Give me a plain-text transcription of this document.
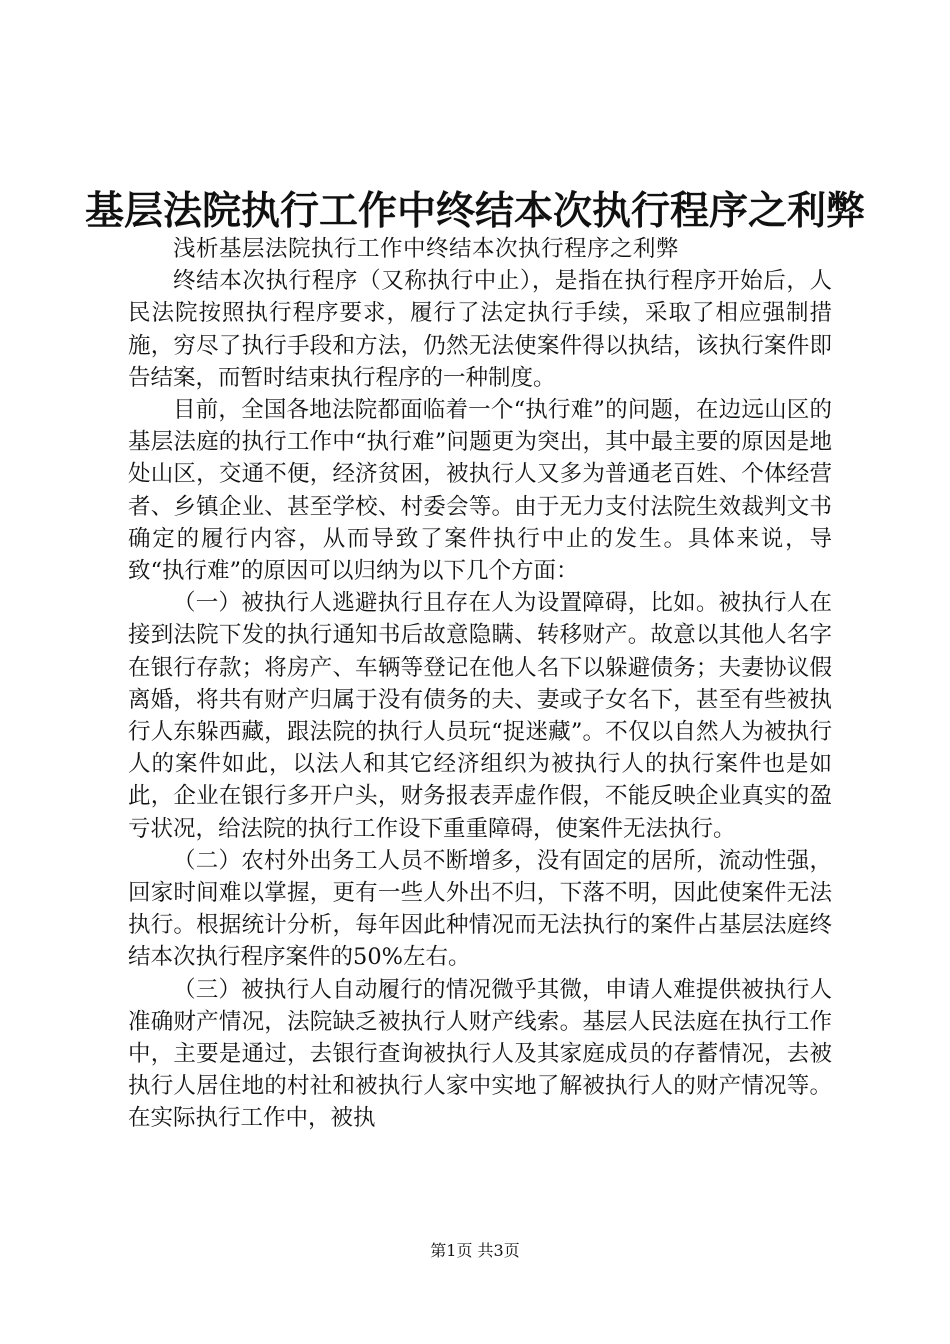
基层法院执行工作中终结本次执行程序之利弊

浅析基层法院执行工作中终结本次执行程序之利弊

终结本次执行程序（又称执行中止），是指在执行程序开始后，人民法院按照执行程序要求，履行了法定执行手续，采取了相应强制措施，穷尽了执行手段和方法，仍然无法使案件得以执结，该执行案件即告结案，而暂时结束执行程序的一种制度。

目前，全国各地法院都面临着一个“执行难”的问题，在边远山区的基层法庭的执行工作中“执行难”问题更为突出，其中最主要的原因是地处山区，交通不便，经济贫困，被执行人又多为普通老百姓、个体经营者、乡镇企业、甚至学校、村委会等。由于无力支付法院生效裁判文书确定的履行内容，从而导致了案件执行中止的发生。具体来说，导致“执行难”的原因可以归纳为以下几个方面：

（一）被执行人逃避执行且存在人为设置障碍，比如。被执行人在接到法院下发的执行通知书后故意隐瞒、转移财产。故意以其他人名字在银行存款；将房产、车辆等登记在他人名下以躲避债务；夫妻协议假离婚，将共有财产归属于没有债务的夫、妻或子女名下，甚至有些被执行人东躲西藏，跟法院的执行人员玩“捉迷藏”。不仅以自然人为被执行人的案件如此，以法人和其它经济组织为被执行人的执行案件也是如此，企业在银行多开户头，财务报表弄虚作假，不能反映企业真实的盈亏状况，给法院的执行工作设下重重障碍，使案件无法执行。

（二）农村外出务工人员不断增多，没有固定的居所，流动性强，回家时间难以掌握，更有一些人外出不归，下落不明，因此使案件无法执行。根据统计分析，每年因此种情况而无法执行的案件占基层法庭终结本次执行程序案件的50%左右。

（三）被执行人自动履行的情况微乎其微，申请人难提供被执行人准确财产情况，法院缺乏被执行人财产线索。基层人民法庭在执行工作中，主要是通过，去银行查询被执行人及其家庭成员的存蓄情况，去被执行人居住地的村社和被执行人家中实地了解被执行人的财产情况等。在实际执行工作中，被执

第1页 共3页
